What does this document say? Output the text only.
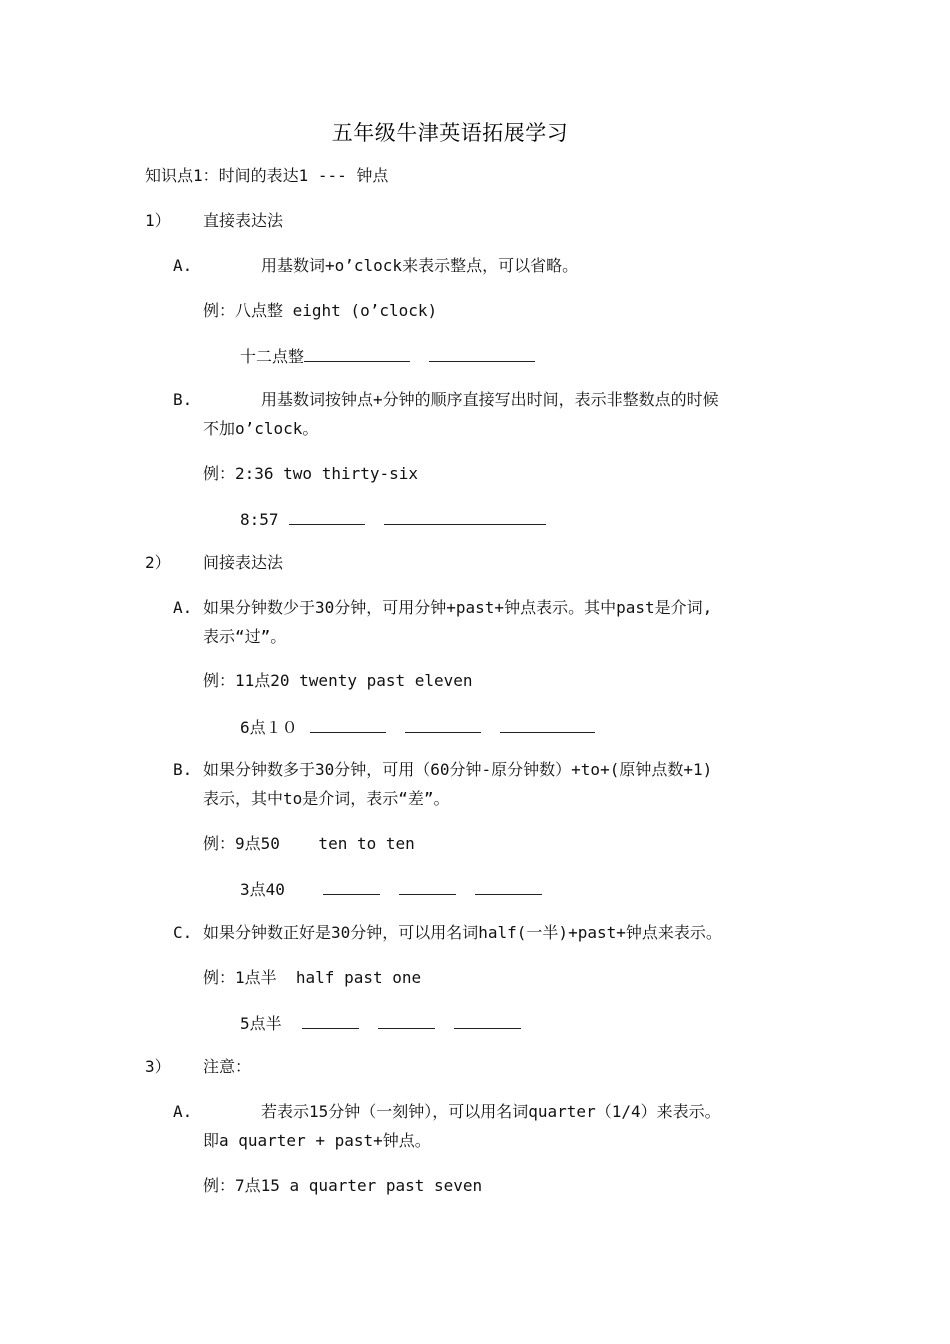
五年级牛津英语拓展学习
知识点1：时间的表达1 --- 钟点
1） 直接表达法
A.	用基数词+o’clock来表示整点，可以省略。
例：八点整 eight (o’clock)
十二点整
B.	用基数词按钟点+分钟的顺序直接写出时间，表示非整数点的时候
不加o’clock。
例：2:36 two thirty-six
8:57
2） 间接表达法
A. 如果分钟数少于30分钟，可用分钟+past+钟点表示。其中past是介词,
表示“过”。
例：11点20 twenty past eleven
6点１０
B. 如果分钟数多于30分钟，可用（60分钟-原分钟数）+to+(原钟点数+1)
表示，其中to是介词，表示“差”。
例：9点50    ten to ten
3点40
C. 如果分钟数正好是30分钟，可以用名词half(一半)+past+钟点来表示。
例：1点半  half past one
5点半
3） 注意：
A.	若表示15分钟（一刻钟），可以用名词quarter（1/4）来表示。
即a quarter + past+钟点。
例：7点15 a quarter past seven
